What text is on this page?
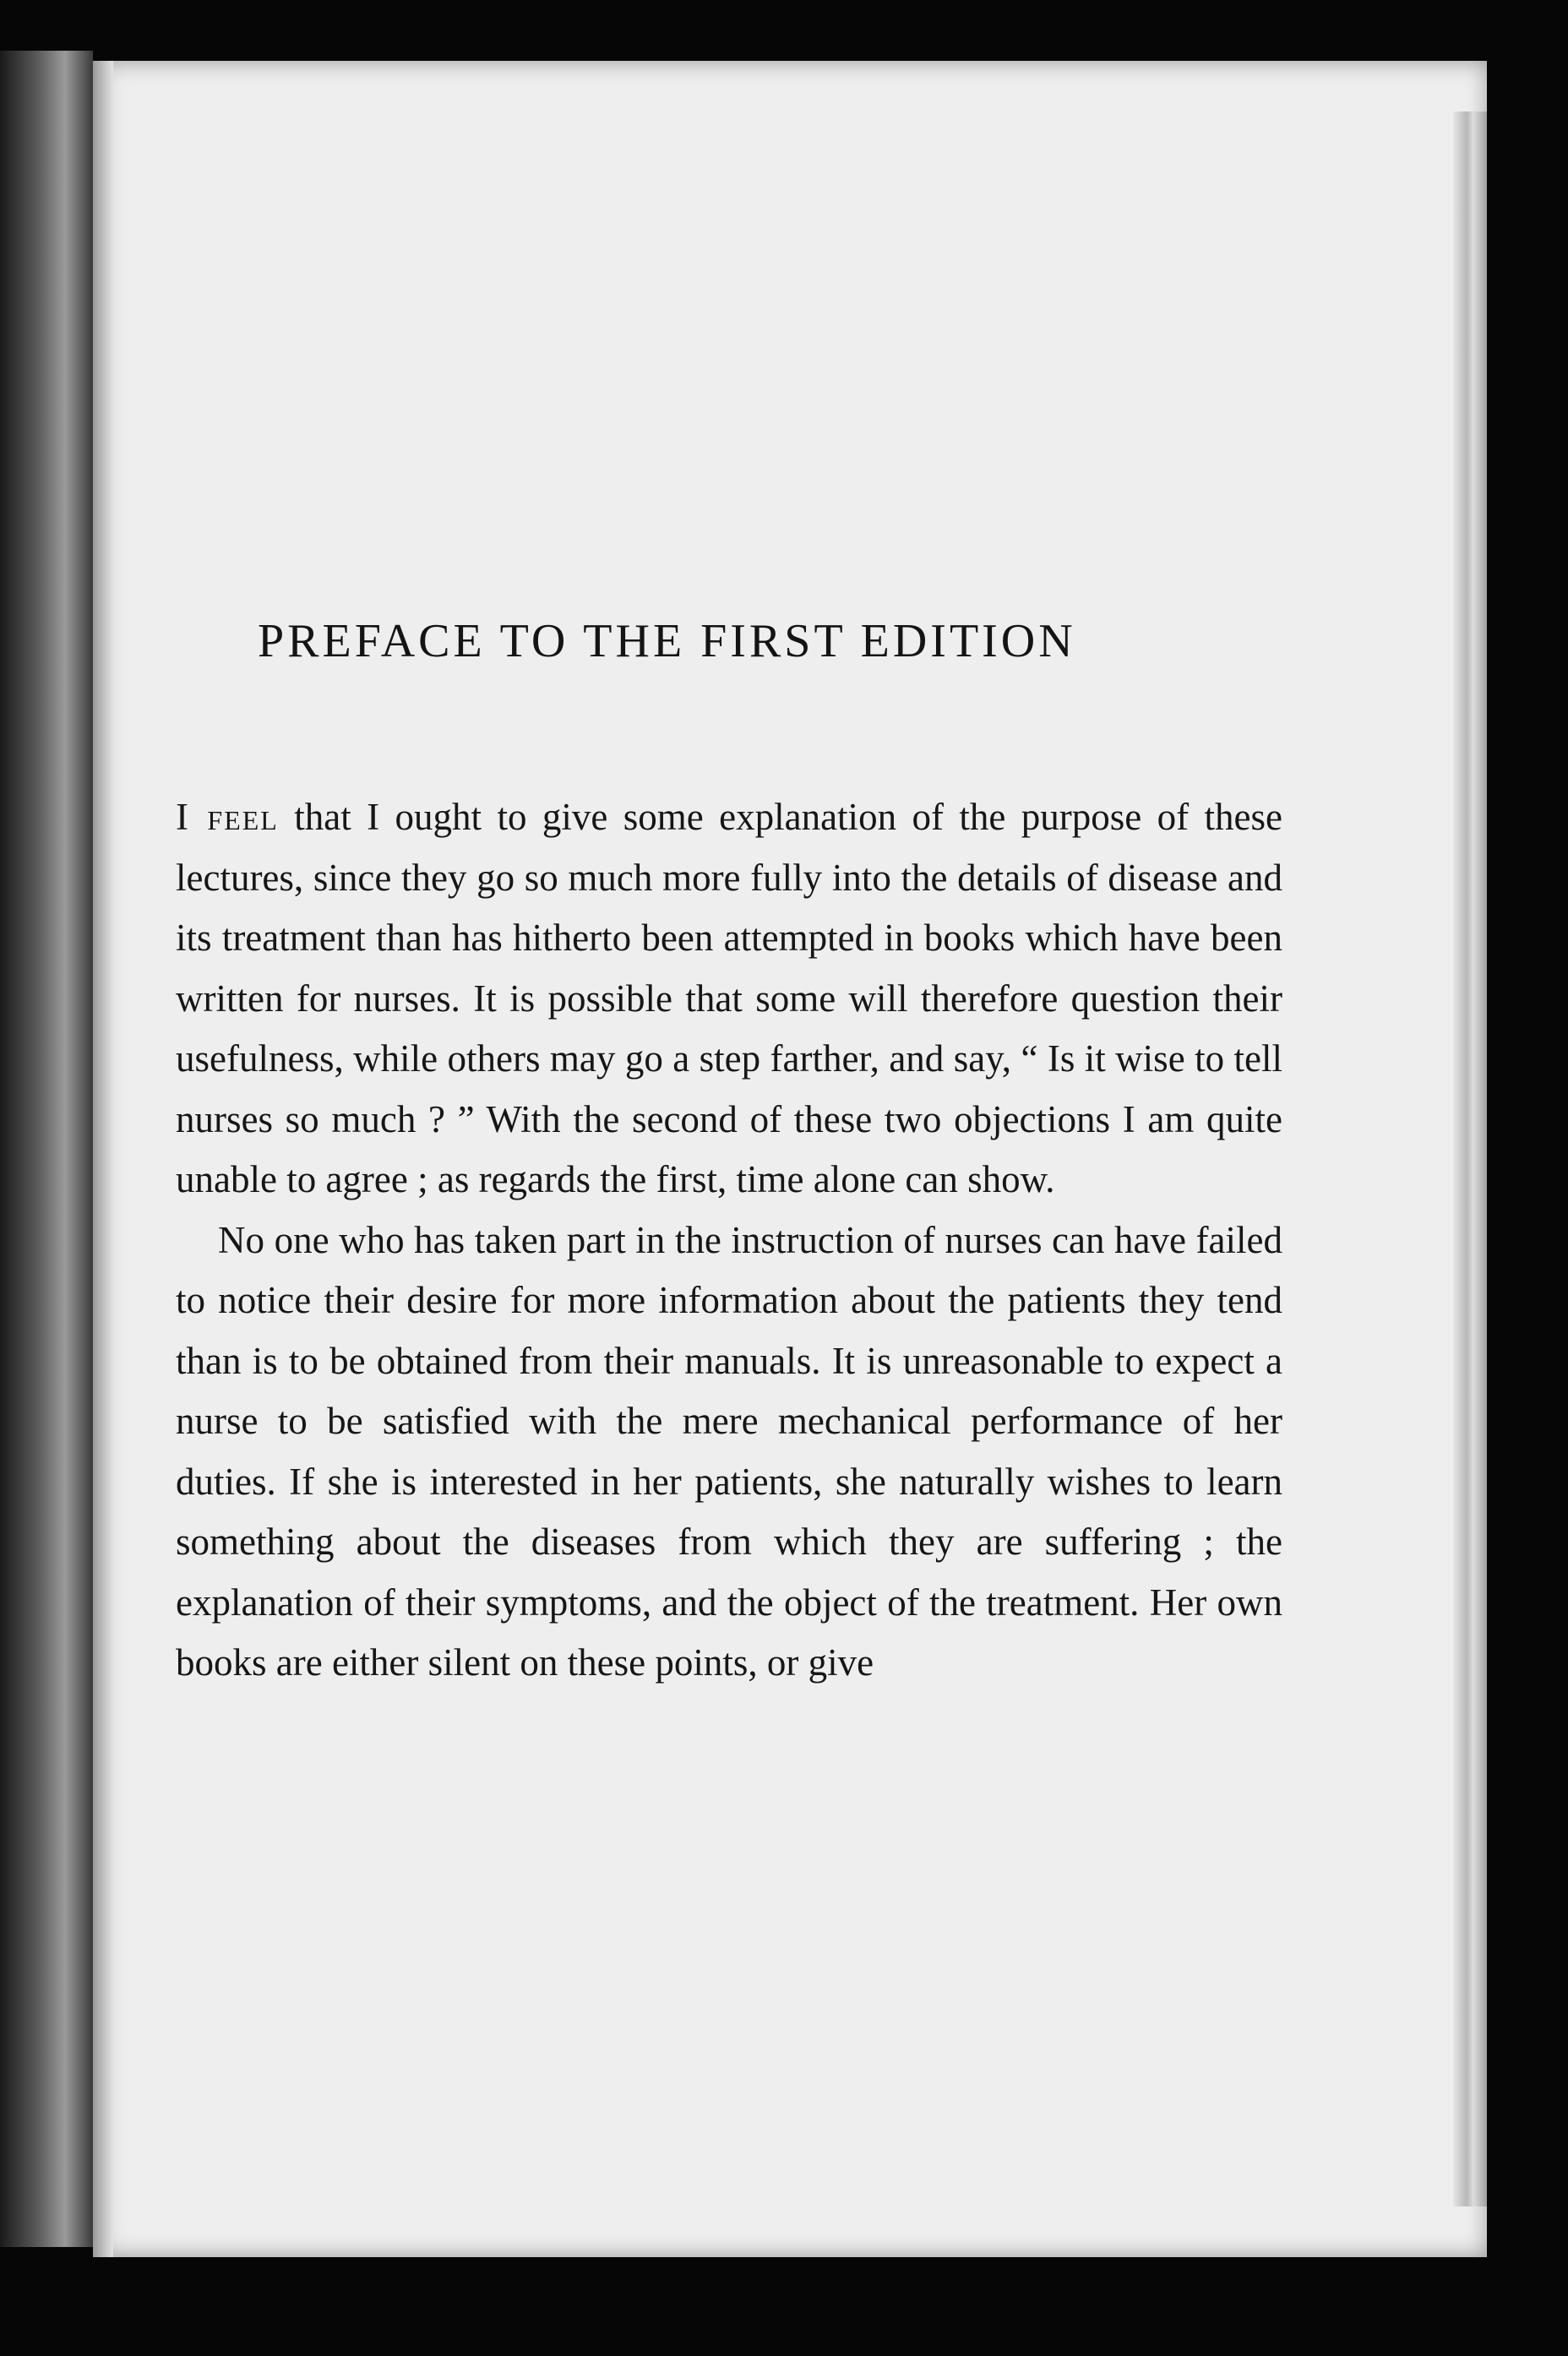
PREFACE TO THE FIRST EDITION

I feel that I ought to give some explanation of the purpose of these lectures, since they go so much more fully into the details of disease and its treatment than has hitherto been attempted in books which have been written for nurses. It is possible that some will therefore question their usefulness, while others may go a step farther, and say, “ Is it wise to tell nurses so much ? ” With the second of these two objections I am quite unable to agree ; as regards the first, time alone can show.

No one who has taken part in the instruction of nurses can have failed to notice their desire for more information about the patients they tend than is to be obtained from their manuals. It is unreasonable to expect a nurse to be satisfied with the mere mechanical performance of her duties. If she is interested in her patients, she naturally wishes to learn something about the diseases from which they are suffering ; the explanation of their symptoms, and the object of the treatment. Her own books are either silent on these points, or give
